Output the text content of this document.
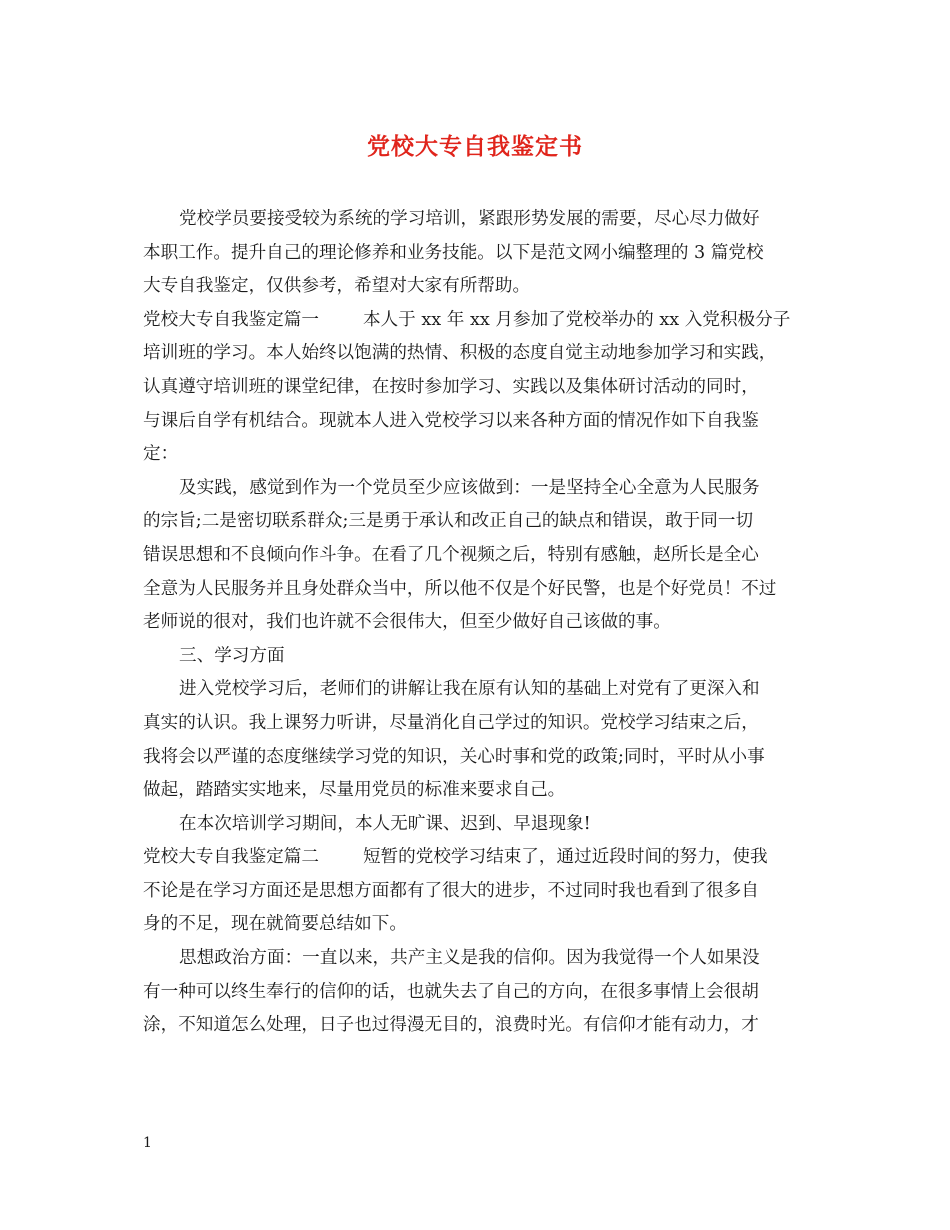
党校大专自我鉴定书
党校学员要接受较为系统的学习培训，紧跟形势发展的需要，尽心尽力做好
本职工作。提升自己的理论修养和业务技能。以下是范文网小编整理的 3 篇党校
大专自我鉴定，仅供参考，希望对大家有所帮助。
党校大专自我鉴定篇一	本人于 xx 年 xx 月参加了党校举办的 xx 入党积极分子
培训班的学习。本人始终以饱满的热情、积极的态度自觉主动地参加学习和实践，
认真遵守培训班的课堂纪律，在按时参加学习、实践以及集体研讨活动的同时，
与课后自学有机结合。现就本人进入党校学习以来各种方面的情况作如下自我鉴
定：
及实践，感觉到作为一个党员至少应该做到：一是坚持全心全意为人民服务
的宗旨;二是密切联系群众;三是勇于承认和改正自己的缺点和错误，敢于同一切
错误思想和不良倾向作斗争。在看了几个视频之后，特别有感触，赵所长是全心
全意为人民服务并且身处群众当中，所以他不仅是个好民警，也是个好党员！不过
老师说的很对，我们也许就不会很伟大，但至少做好自己该做的事。
三、学习方面
进入党校学习后，老师们的讲解让我在原有认知的基础上对党有了更深入和
真实的认识。我上课努力听讲，尽量消化自己学过的知识。党校学习结束之后，
我将会以严谨的态度继续学习党的知识，关心时事和党的政策;同时，平时从小事
做起，踏踏实实地来，尽量用党员的标准来要求自己。
在本次培训学习期间，本人无旷课、迟到、早退现象!
党校大专自我鉴定篇二	短暂的党校学习结束了，通过近段时间的努力，使我
不论是在学习方面还是思想方面都有了很大的进步，不过同时我也看到了很多自
身的不足，现在就简要总结如下。
思想政治方面：一直以来，共产主义是我的信仰。因为我觉得一个人如果没
有一种可以终生奉行的信仰的话，也就失去了自己的方向，在很多事情上会很胡
涂，不知道怎么处理，日子也过得漫无目的，浪费时光。有信仰才能有动力，才
1
